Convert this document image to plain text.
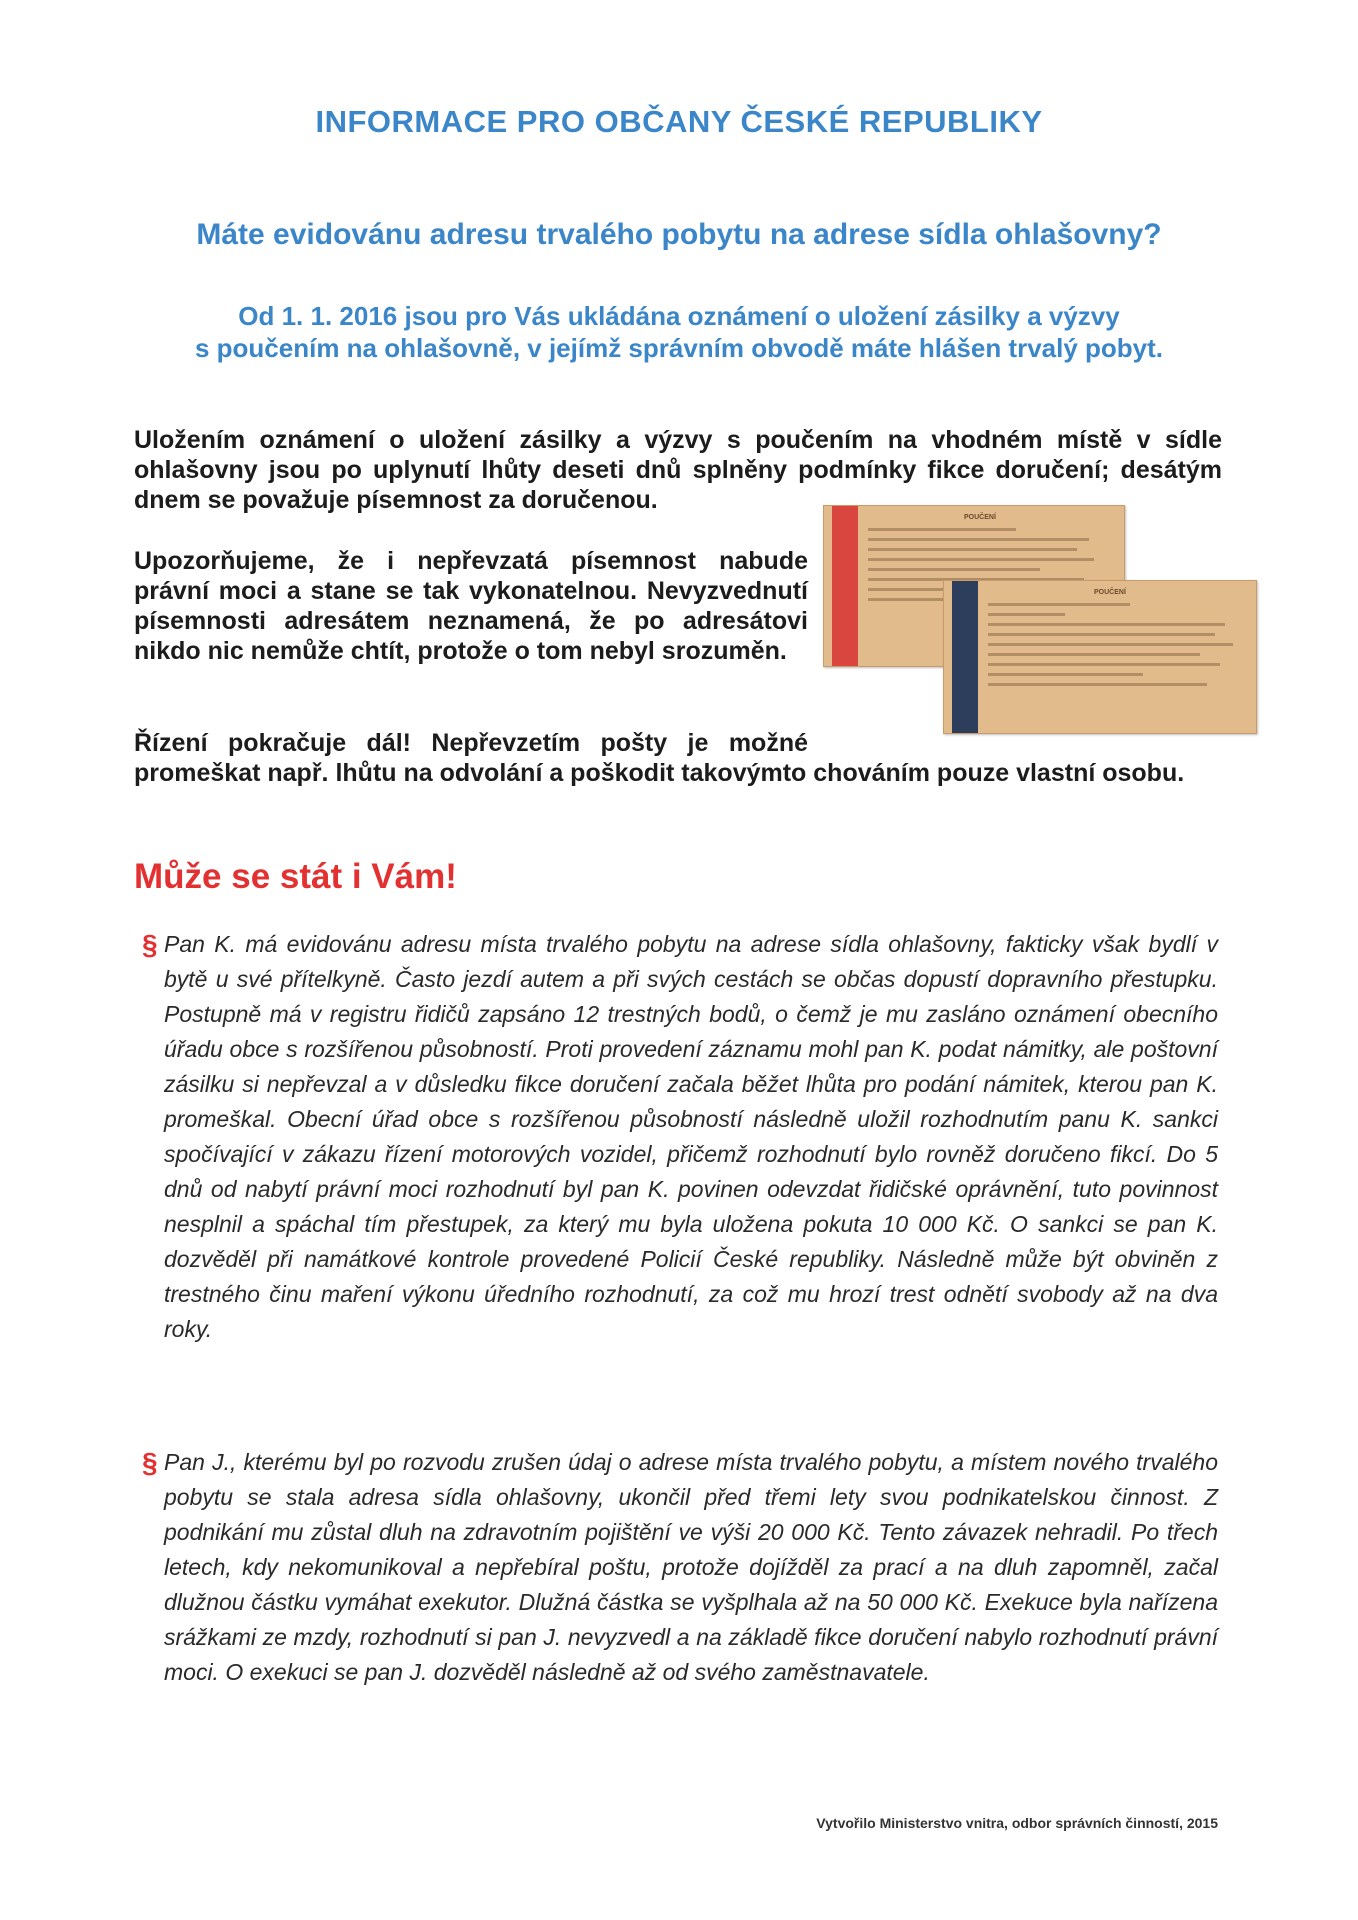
INFORMACE PRO OBČANY ČESKÉ REPUBLIKY
Máte evidovánu adresu trvalého pobytu na adrese sídla ohlašovny?
Od 1. 1. 2016 jsou pro Vás ukládána oznámení o uložení zásilky a výzvy
s poučením na ohlašovně, v jejímž správním obvodě máte hlášen trvalý pobyt.
Uložením oznámení o uložení zásilky a výzvy s poučením na vhodném místě v sídle ohlašovny jsou po uplynutí lhůty deseti dnů splněny podmínky fikce doručení; desátým dnem se považuje písemnost za doručenou.
Upozorňujeme, že i nepřevzatá písemnost nabude právní moci a stane se tak vykonatelnou. Nevyzvednutí písemnosti adresátem neznamená, že po adresátovi nikdo nic nemůže chtít, protože o tom nebyl srozuměn.
POUČENÍ
POUČENÍ
Řízení pokračuje dál! Nepřevzetím pošty je možné
promeškat např. lhůtu na odvolání a poškodit takovýmto chováním pouze vlastní osobu.
Může se stát i Vám!
§ Pan K. má evidovánu adresu místa trvalého pobytu na adrese sídla ohlašovny, fakticky však bydlí v bytě u své přítelkyně. Často jezdí autem a při svých cestách se občas dopustí dopravního přestupku. Postupně má v registru řidičů zapsáno 12 trestných bodů, o čemž je mu zasláno oznámení obecního úřadu obce s rozšířenou působností. Proti provedení záznamu mohl pan K. podat námitky, ale poštovní zásilku si nepřevzal a v důsledku fikce doručení začala běžet lhůta pro podání námitek, kterou pan K. promeškal. Obecní úřad obce s rozšířenou působností následně uložil rozhodnutím panu K. sankci spočívající v zákazu řízení motorových vozidel, přičemž rozhodnutí bylo rovněž doručeno fikcí. Do 5 dnů od nabytí právní moci rozhodnutí byl pan K. povinen odevzdat řidičské oprávnění, tuto povinnost nesplnil a spáchal tím přestupek, za který mu byla uložena pokuta 10 000 Kč. O sankci se pan K. dozvěděl při namátkové kontrole provedené Policií České republiky. Následně může být obviněn z trestného činu maření výkonu úředního rozhodnutí, za což mu hrozí trest odnětí svobody až na dva roky.
§ Pan J., kterému byl po rozvodu zrušen údaj o adrese místa trvalého pobytu, a místem nového trvalého pobytu se stala adresa sídla ohlašovny, ukončil před třemi lety svou podnikatelskou činnost. Z podnikání mu zůstal dluh na zdravotním pojištění ve výši 20 000 Kč. Tento závazek nehradil. Po třech letech, kdy nekomunikoval a nepřebíral poštu, protože dojížděl za prací a na dluh zapomněl, začal dlužnou částku vymáhat exekutor. Dlužná částka se vyšplhala až na 50 000 Kč. Exekuce byla nařízena srážkami ze mzdy, rozhodnutí si pan J. nevyzvedl a na základě fikce doručení nabylo rozhodnutí právní moci. O exekuci se pan J. dozvěděl následně až od svého zaměstnavatele.
Vytvořilo Ministerstvo vnitra, odbor správních činností, 2015
